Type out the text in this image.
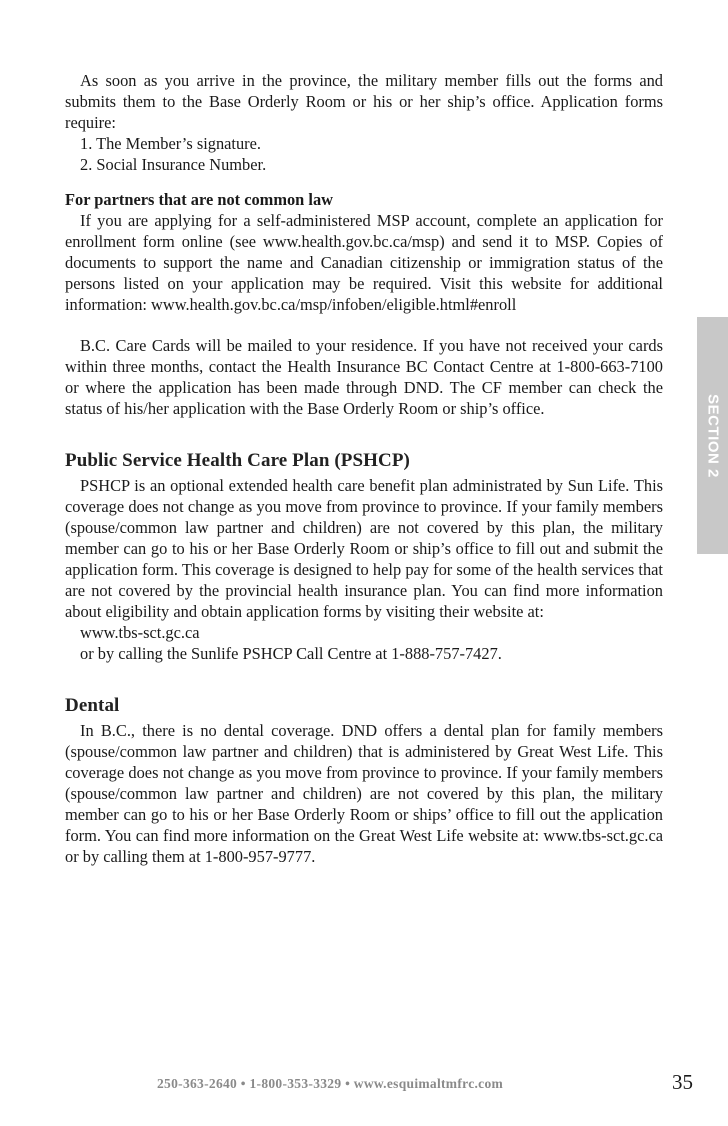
As soon as you arrive in the province, the military member fills out the forms and submits them to the Base Orderly Room or his or her ship’s office. Application forms require:

1. The Member’s signature.

2. Social Insurance Number.

For partners that are not common law

If you are applying for a self-administered MSP account, complete an application for enrollment form online (see www.health.gov.bc.ca/msp) and send it to MSP. Copies of documents to support the name and Canadian citizenship or immigration status of the persons listed on your application may be required. Visit this website for additional information: www.health.gov.bc.ca/msp/infoben/eligible.html#enroll

B.C. Care Cards will be mailed to your residence. If you have not received your cards within three months, contact the Health Insurance BC Contact Centre at 1-800-663-7100 or where the application has been made through DND. The CF member can check the status of his/her application with the Base Orderly Room or ship’s office.

Public Service Health Care Plan (PSHCP)

PSHCP is an optional extended health care benefit plan administrated by Sun Life. This coverage does not change as you move from province to province. If your family members (spouse/common law partner and children) are not covered by this plan, the military member can go to his or her Base Orderly Room or ship’s office to fill out and submit the application form. This coverage is designed to help pay for some of the health services that are not covered by the provincial health insurance plan. You can find more information about eligibility and obtain application forms by visiting their website at:

www.tbs-sct.gc.ca

or by calling the Sunlife PSHCP Call Centre at 1-888-757-7427.

Dental

In B.C., there is no dental coverage. DND offers a dental plan for family members (spouse/common law partner and children) that is administered by Great West Life. This coverage does not change as you move from province to province. If your family members (spouse/common law partner and children) are not covered by this plan, the military member can go to his or her Base Orderly Room or ships’ office to fill out the application form. You can find more information on the Great West Life website at: www.tbs-sct.gc.ca or by calling them at 1-800-957-9777.

SECTION 2
250-363-2640 • 1-800-353-3329 • www.esquimaltmfrc.com	35
